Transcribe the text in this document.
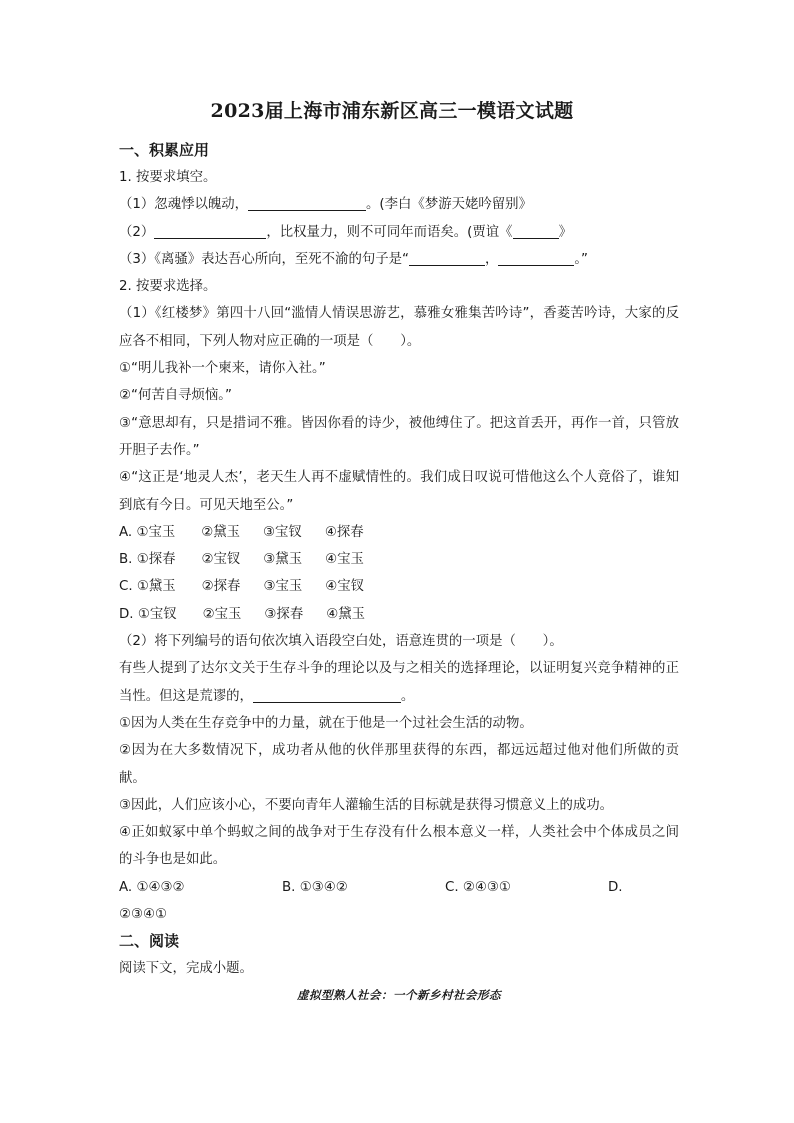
2023届上海市浦东新区高三一模语文试题
一、积累应用
1. 按要求填空。
（1）忽魂悸以魄动，	。(李白《梦游天姥吟留别》
（2）	，比权量力，则不可同年而语矣。(贾谊《	》
（3）《离骚》表达吾心所向，至死不渝的句子是“	，	。”
2. 按要求选择。
（1）《红楼梦》第四十八回“滥情人情误思游艺，慕雅女雅集苦吟诗”，香菱苦吟诗，大家的反应各不相同，下列人物对应正确的一项是（　　）。
①“明儿我补一个柬来，请你入社。”
②“何苦自寻烦恼。”
③“意思却有，只是措词不雅。皆因你看的诗少，被他缚住了。把这首丢开，再作一首，只管放开胆子去作。”
④“这正是‘地灵人杰’，老天生人再不虚赋情性的。我们成日叹说可惜他这么个人竟俗了，谁知到底有今日。可见天地至公。”
A. ①宝玉 ②黛玉 ③宝钗 ④探春
B. ①探春 ②宝钗 ③黛玉 ④宝玉
C. ①黛玉 ②探春 ③宝玉 ④宝钗
D. ①宝钗 ②宝玉 ③探春 ④黛玉
（2）将下列编号的语句依次填入语段空白处，语意连贯的一项是（　　）。
有些人提到了达尔文关于生存斗争的理论以及与之相关的选择理论，以证明复兴竞争精神的正当性。但这是荒谬的，	。
①因为人类在生存竞争中的力量，就在于他是一个过社会生活的动物。
②因为在大多数情况下，成功者从他的伙伴那里获得的东西，都远远超过他对他们所做的贡献。
③因此，人们应该小心，不要向青年人灌输生活的目标就是获得习惯意义上的成功。
④正如蚁冢中单个蚂蚁之间的战争对于生存没有什么根本意义一样，人类社会中个体成员之间的斗争也是如此。
A. ①④③②	B. ①③④②	C. ②④③①	D.
②③④①
二、阅读
阅读下文，完成小题。
虚拟型熟人社会：一个新乡村社会形态
